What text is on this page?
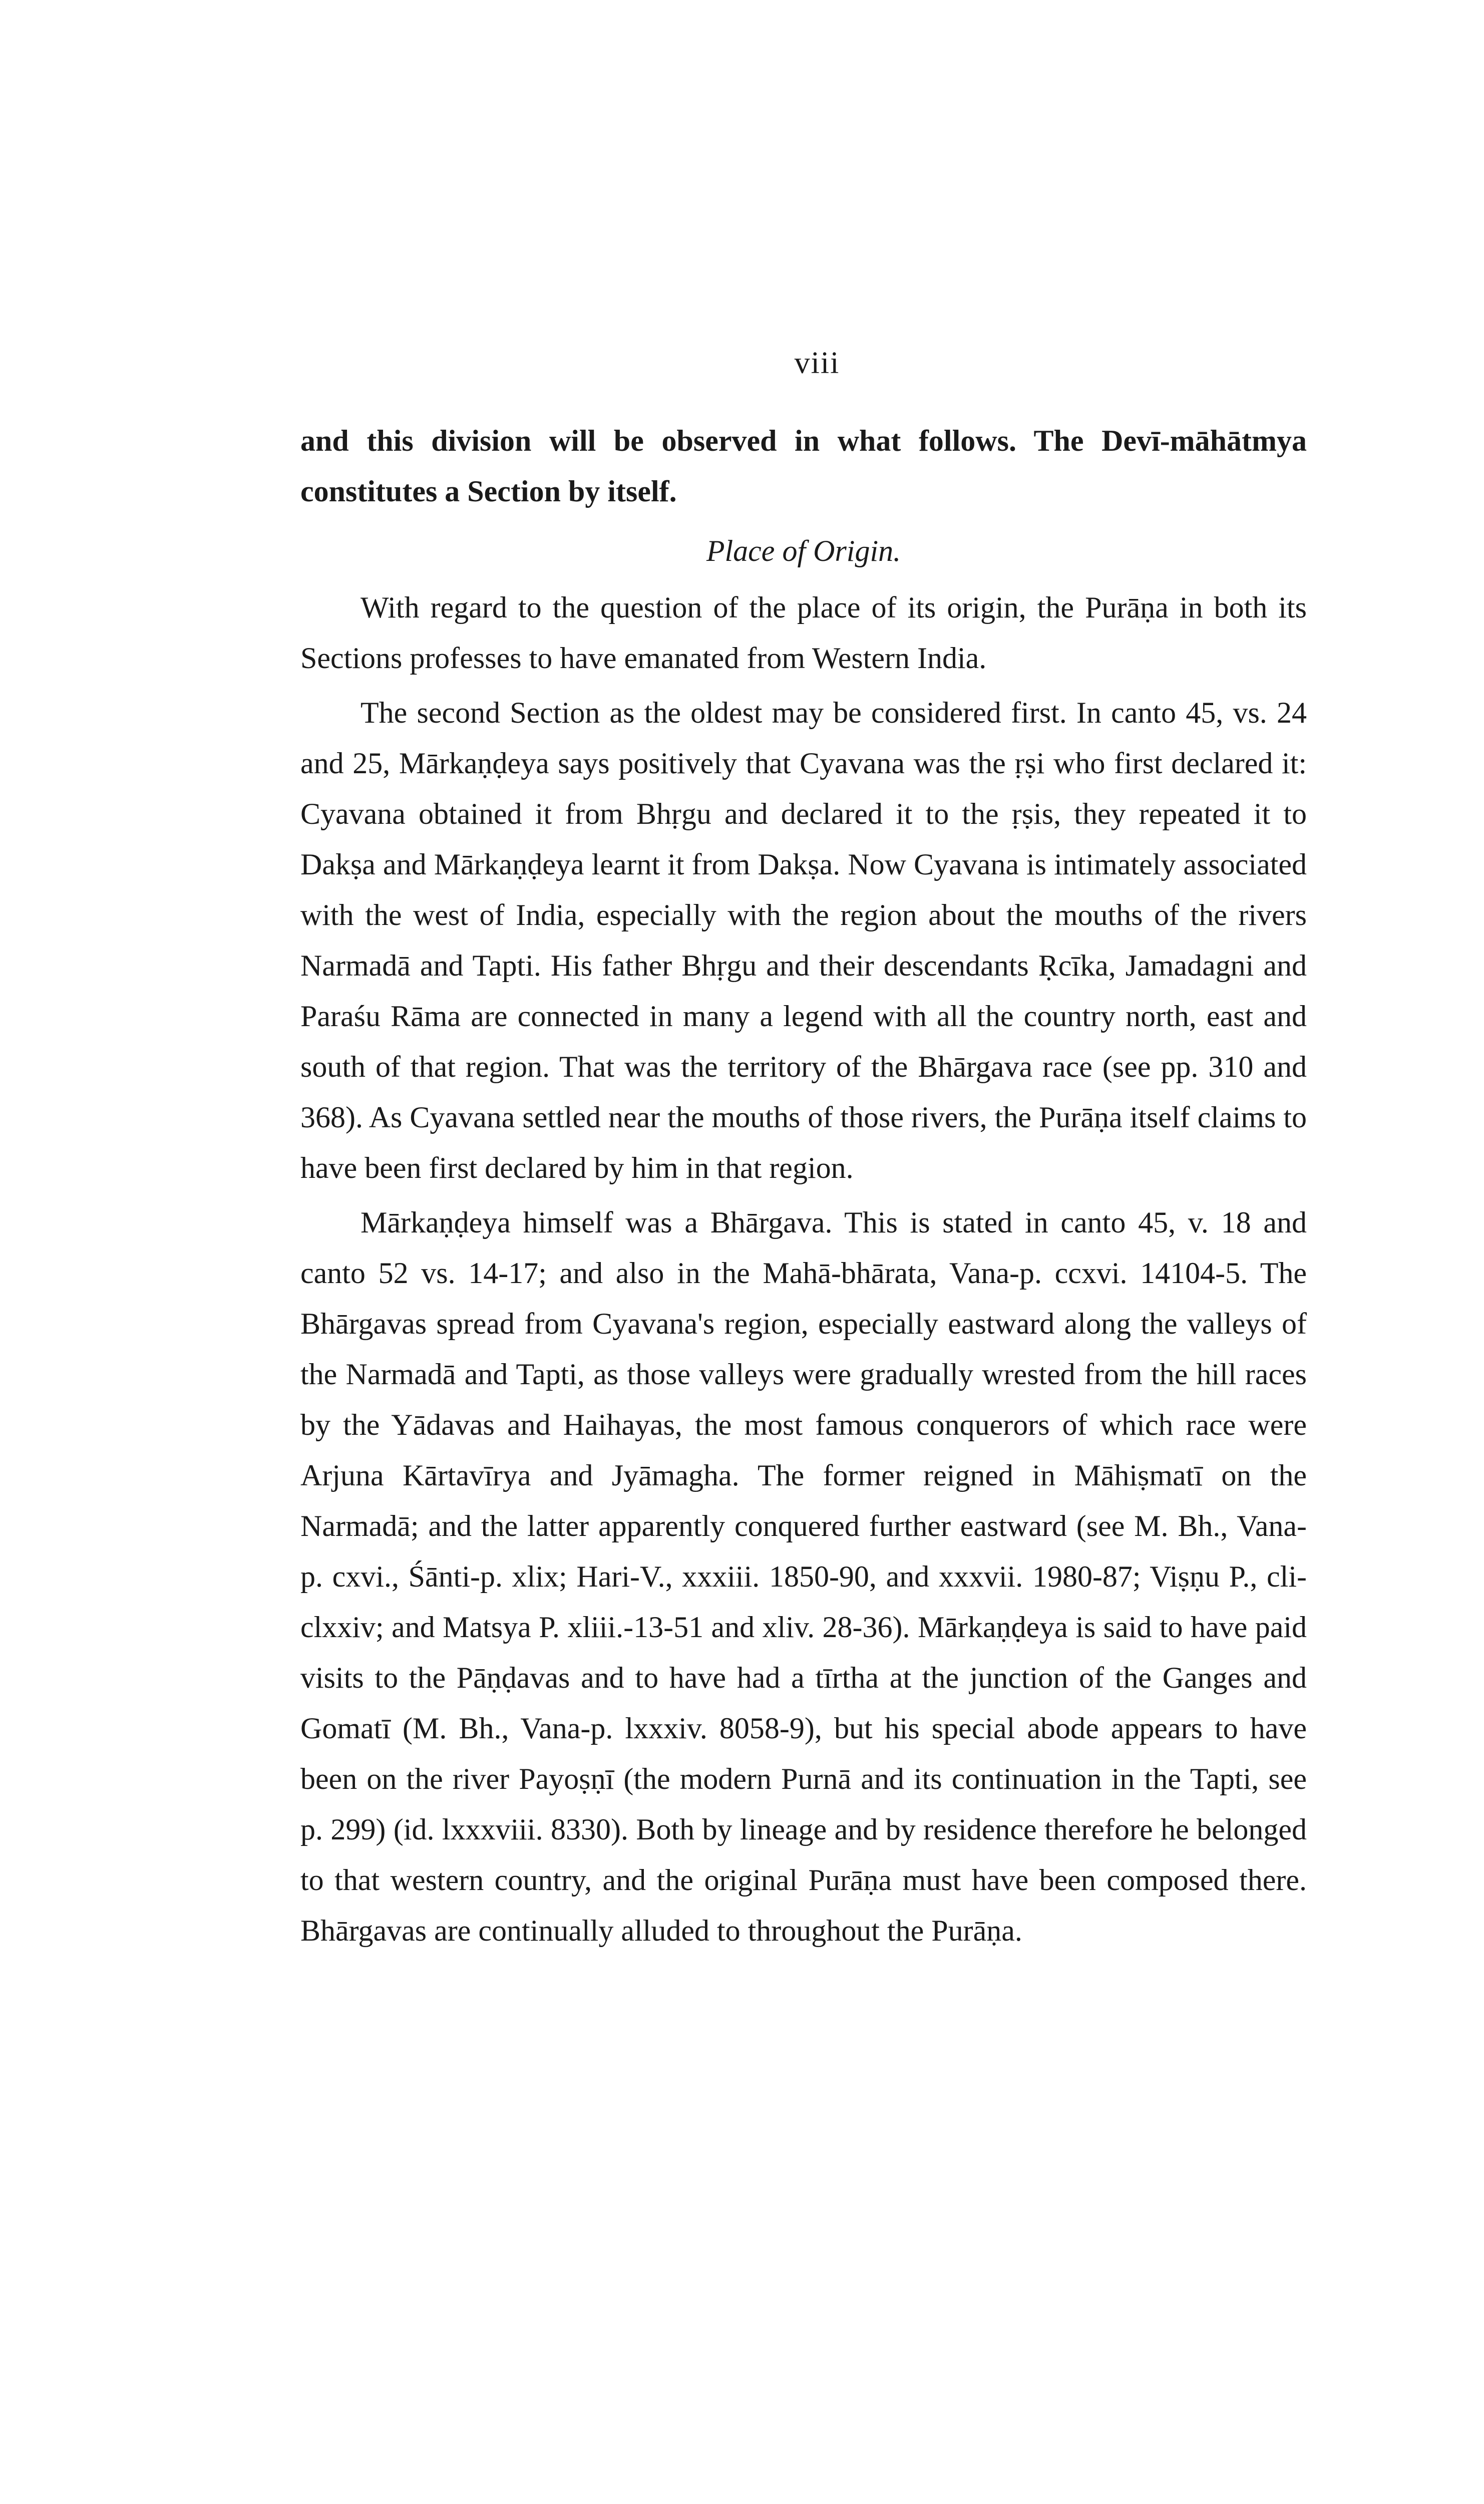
viii

and this division will be observed in what follows. The Devī-māhātmya constitutes a Section by itself.

Place of Origin.

With regard to the question of the place of its origin, the Purāṇa in both its Sections professes to have emanated from Western India.

The second Section as the oldest may be considered first. In canto 45, vs. 24 and 25, Mārkaṇḍeya says positively that Cyavana was the ṛṣi who first declared it: Cyavana obtained it from Bhṛgu and declared it to the ṛṣis, they repeated it to Dakṣa and Mārkaṇḍeya learnt it from Dakṣa. Now Cyavana is intimately associated with the west of India, especially with the region about the mouths of the rivers Narmadā and Tapti. His father Bhṛgu and their descendants Ṛcīka, Jamadagni and Paraśu Rāma are connected in many a legend with all the country north, east and south of that region. That was the territory of the Bhārgava race (see pp. 310 and 368). As Cyavana settled near the mouths of those rivers, the Purāṇa itself claims to have been first declared by him in that region.

Mārkaṇḍeya himself was a Bhārgava. This is stated in canto 45, v. 18 and canto 52 vs. 14-17; and also in the Mahā-bhārata, Vana-p. ccxvi. 14104-5. The Bhārgavas spread from Cyavana's region, especially eastward along the valleys of the Narmadā and Tapti, as those valleys were gradually wrested from the hill races by the Yādavas and Haihayas, the most famous conquerors of which race were Arjuna Kārtavīrya and Jyāmagha. The former reigned in Māhiṣmatī on the Narmadā; and the latter apparently conquered further eastward (see M. Bh., Vana-p. cxvi., Śānti-p. xlix; Hari-V., xxxiii. 1850-90, and xxxvii. 1980-87; Viṣṇu P., cli-clxxiv; and Matsya P. xliii.-13-51 and xliv. 28-36). Mārkaṇḍeya is said to have paid visits to the Pāṇḍavas and to have had a tīrtha at the junction of the Ganges and Gomatī (M. Bh., Vana-p. lxxxiv. 8058-9), but his special abode appears to have been on the river Payoṣṇī (the modern Purnā and its continuation in the Tapti, see p. 299) (id. lxxxviii. 8330). Both by lineage and by residence therefore he belonged to that western country, and the original Purāṇa must have been composed there. Bhārgavas are continually alluded to throughout the Purāṇa.
